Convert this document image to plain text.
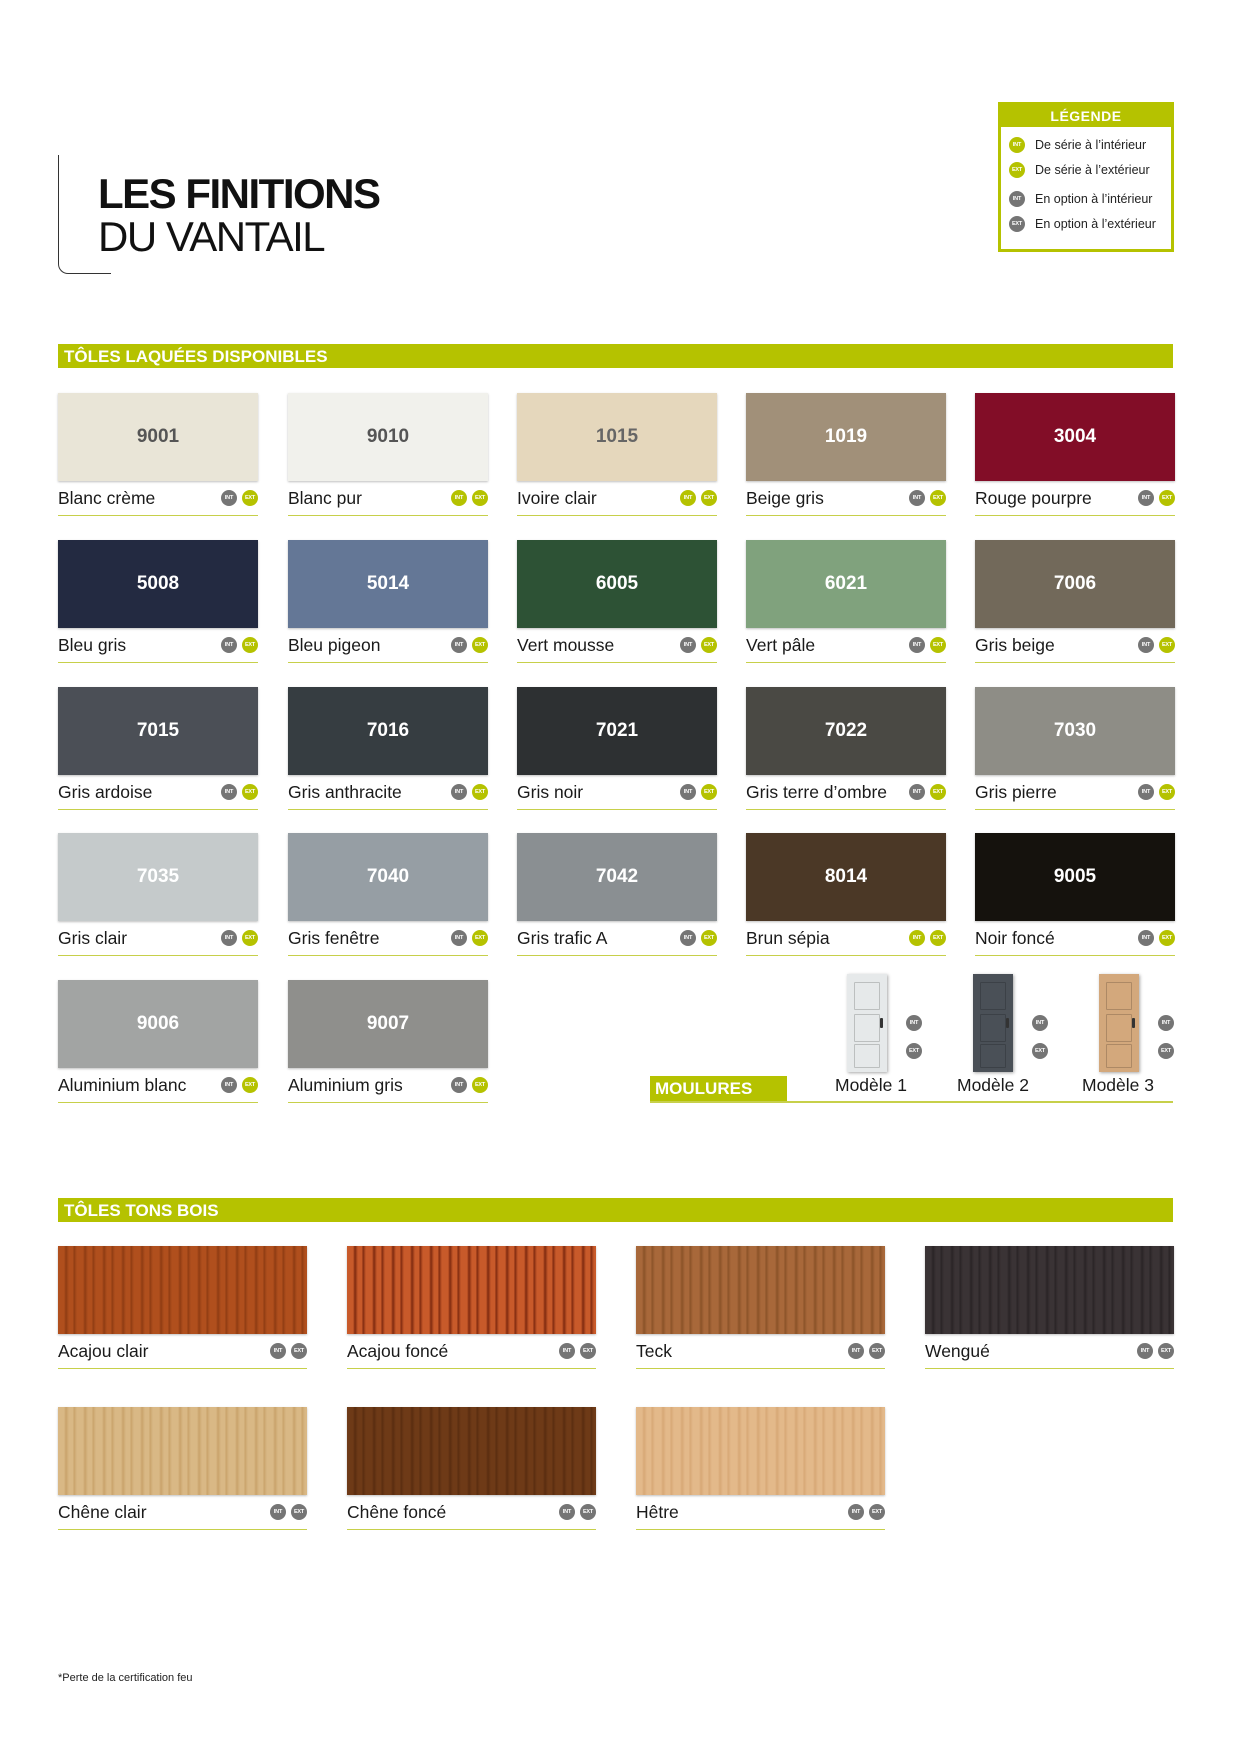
LES FINITIONS
DU VANTAIL
LÉGENDE
INT	De série à l’intérieur
EXT De série à l’extérieur
INT	En option à l’intérieur
EXT En option à l’extérieur
TÔLES LAQUÉES DISPONIBLES
9001
Blanc crème	INT	EXT
9010
Blanc pur	INT	EXT
1015
Ivoire clair	INT	EXT
1019
Beige gris	INT	EXT
3004
Rouge pourpre	INT	EXT
5008
Bleu gris	INT	EXT
5014
Bleu pigeon	INT	EXT
6005
Vert mousse	INT	EXT
6021
Vert pâle	INT	EXT
7006
Gris beige	INT	EXT
7015
Gris ardoise	INT	EXT
7016
Gris anthracite	INT	EXT
7021
Gris noir	INT	EXT
7022
Gris terre d’ombre	INT	EXT
7030
Gris pierre	INT	EXT
7035
Gris clair	INT	EXT
7040
Gris fenêtre	INT	EXT
7042
Gris trafic A	INT	EXT
8014
Brun sépia	INT	EXT
9005
Noir foncé	INT	EXT
9006
Aluminium blanc	INT	EXT
9007
Aluminium gris	INT	EXT	MOULURES
INT
EXT
Modèle 1
INT
EXT
Modèle 2
INT
EXT
Modèle 3
TÔLES TONS BOIS
Acajou clair	INT	EXT Acajou foncé	INT	EXT Teck	INT	EXT Wengué	INT	EXT
Chêne clair	INT	EXT Chêne foncé	INT	EXT Hêtre	INT	EXT
*Perte de la certification feu
